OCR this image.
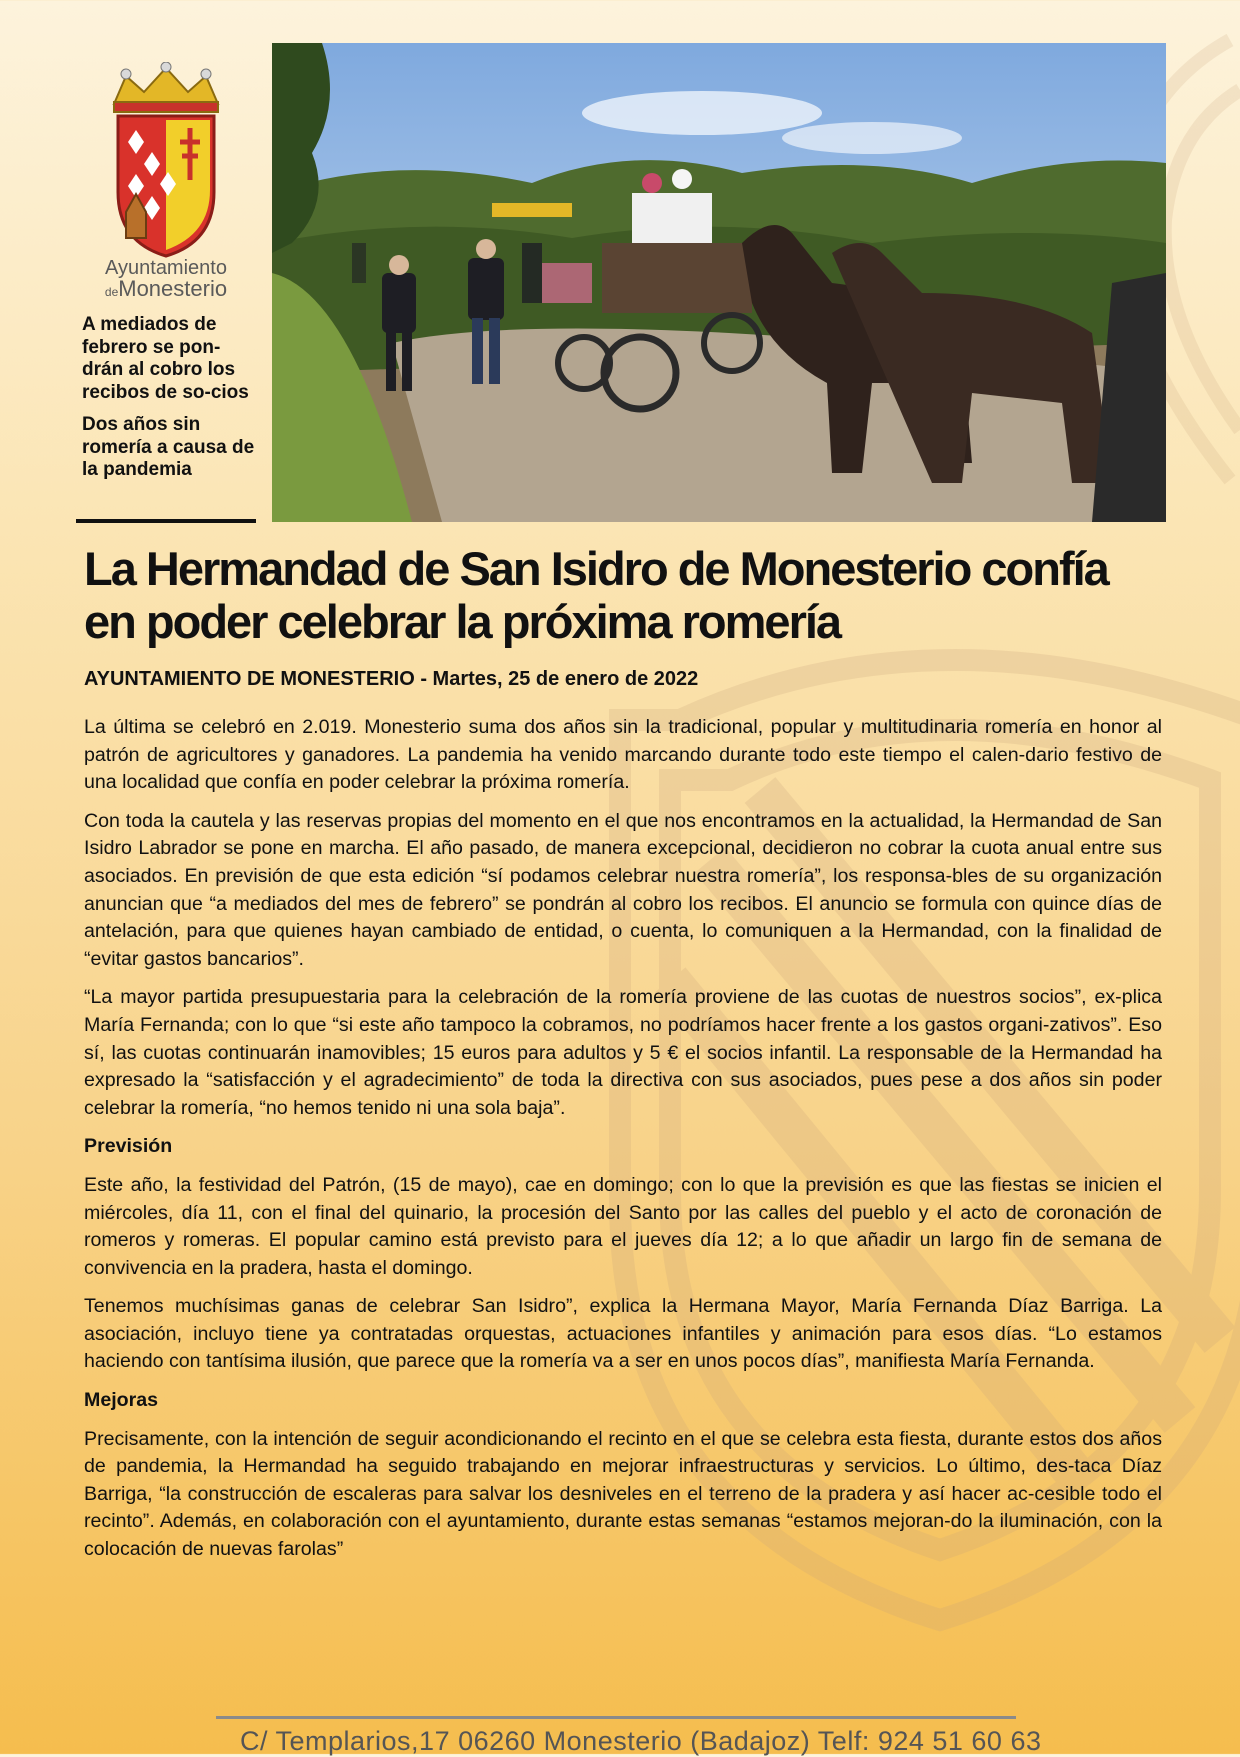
Ayuntamiento
deMonesterio

A mediados de febrero se pon-drán al cobro los recibos de so-cios

Dos años sin romería a causa de la pandemia

La Hermandad de San Isidro de Monesterio confía en poder celebrar la próxima romería

AYUNTAMIENTO DE MONESTERIO - Martes, 25 de enero de 2022

La última se celebró en 2.019. Monesterio suma dos años sin la tradicional, popular y multitudinaria romería en honor al patrón de agricultores y ganadores. La pandemia ha venido marcando durante todo este tiempo el calen-dario festivo de una localidad que confía en poder celebrar la próxima romería.

Con toda la cautela y las reservas propias del momento en el que nos encontramos en la actualidad, la Hermandad de San Isidro Labrador se pone en marcha. El año pasado, de manera excepcional, decidieron no cobrar la cuota anual entre sus asociados. En previsión de que esta edición “sí podamos celebrar nuestra romería”, los responsa-bles de su organización anuncian que “a mediados del mes de febrero” se pondrán al cobro los recibos. El anuncio se formula con quince días de antelación, para que quienes hayan cambiado de entidad, o cuenta, lo comuniquen a la Hermandad, con la finalidad de “evitar gastos bancarios”.

“La mayor partida presupuestaria para la celebración de la romería proviene de las cuotas de nuestros socios”, ex-plica María Fernanda; con lo que “si este año tampoco la cobramos, no podríamos hacer frente a los gastos organi-zativos”. Eso sí, las cuotas continuarán inamovibles; 15 euros para adultos y 5 € el socios infantil. La responsable de la Hermandad ha expresado la “satisfacción y el agradecimiento” de toda la directiva con sus asociados, pues pese a dos años sin poder celebrar la romería, “no hemos tenido ni una sola baja”.

Previsión

Este año, la festividad del Patrón, (15 de mayo), cae en domingo; con lo que la previsión es que las fiestas se inicien el miércoles, día 11, con el final del quinario, la procesión del Santo por las calles del pueblo y el acto de coronación de romeros y romeras. El popular camino está previsto para el jueves día 12; a lo que añadir un largo fin de semana de convivencia en la pradera, hasta el domingo.

Tenemos muchísimas ganas de celebrar San Isidro”, explica la Hermana Mayor, María Fernanda Díaz Barriga. La asociación, incluyo tiene ya contratadas orquestas, actuaciones infantiles y animación para esos días. “Lo estamos haciendo con tantísima ilusión, que parece que la romería va a ser en unos pocos días”, manifiesta María Fernanda.

Mejoras

Precisamente, con la intención de seguir acondicionando el recinto en el que se celebra esta fiesta, durante estos dos años de pandemia, la Hermandad ha seguido trabajando en mejorar infraestructuras y servicios. Lo último, des-taca Díaz Barriga, “la construcción de escaleras para salvar los desniveles en el terreno de la pradera y así hacer ac-cesible todo el recinto”. Además, en colaboración con el ayuntamiento, durante estas semanas “estamos mejoran-do la iluminación, con la colocación de nuevas farolas”

C/ Templarios,17 06260 Monesterio (Badajoz) Telf: 924 51 60 63
